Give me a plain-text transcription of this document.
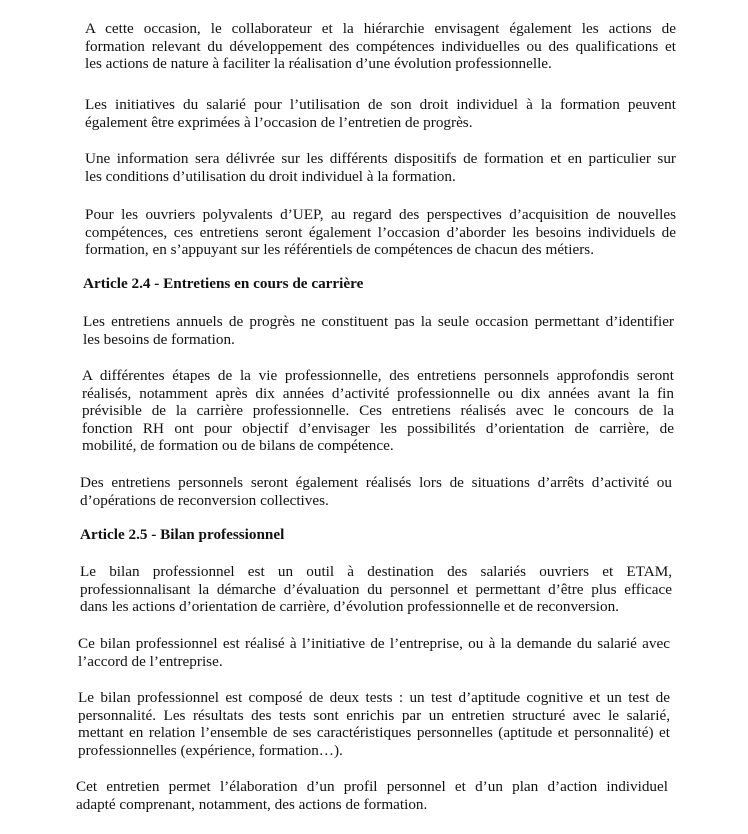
A cette occasion, le collaborateur et la hiérarchie envisagent également les actions de
formation relevant du développement des compétences individuelles ou des qualifications et
les actions de nature à faciliter la réalisation d’une évolution professionnelle.
Les initiatives du salarié pour l’utilisation de son droit individuel à la formation peuvent
également être exprimées à l’occasion de l’entretien de progrès.
Une information sera délivrée sur les différents dispositifs de formation et en particulier sur
les conditions d’utilisation du droit individuel à la formation.
Pour les ouvriers polyvalents d’UEP, au regard des perspectives d’acquisition de nouvelles
compétences, ces entretiens seront également l’occasion d’aborder les besoins individuels de
formation, en s’appuyant sur les référentiels de compétences de chacun des métiers.
Article 2.4 - Entretiens en cours de carrière
Les entretiens annuels de progrès ne constituent pas la seule occasion permettant d’identifier
les besoins de formation.
A différentes étapes de la vie professionnelle, des entretiens personnels approfondis seront
réalisés, notamment après dix années d’activité professionnelle ou dix années avant la fin
prévisible de la carrière professionnelle. Ces entretiens réalisés avec le concours de la
fonction RH ont pour objectif d’envisager les possibilités d’orientation de carrière, de
mobilité, de formation ou de bilans de compétence.
Des entretiens personnels seront également réalisés lors de situations d’arrêts d’activité ou
d’opérations de reconversion collectives.
Article 2.5 - Bilan professionnel
Le bilan professionnel est un outil à destination des salariés ouvriers et ETAM,
professionnalisant la démarche d’évaluation du personnel et permettant d’être plus efficace
dans les actions d’orientation de carrière, d’évolution professionnelle et de reconversion.
Ce bilan professionnel est réalisé à l’initiative de l’entreprise, ou à la demande du salarié avec
l’accord de l’entreprise.
Le bilan professionnel est composé de deux tests : un test d’aptitude cognitive et un test de
personnalité. Les résultats des tests sont enrichis par un entretien structuré avec le salarié,
mettant en relation l’ensemble de ses caractéristiques personnelles (aptitude et personnalité) et
professionnelles (expérience, formation…).
Cet entretien permet l’élaboration d’un profil personnel et d’un plan d’action individuel
adapté comprenant, notamment, des actions de formation.
